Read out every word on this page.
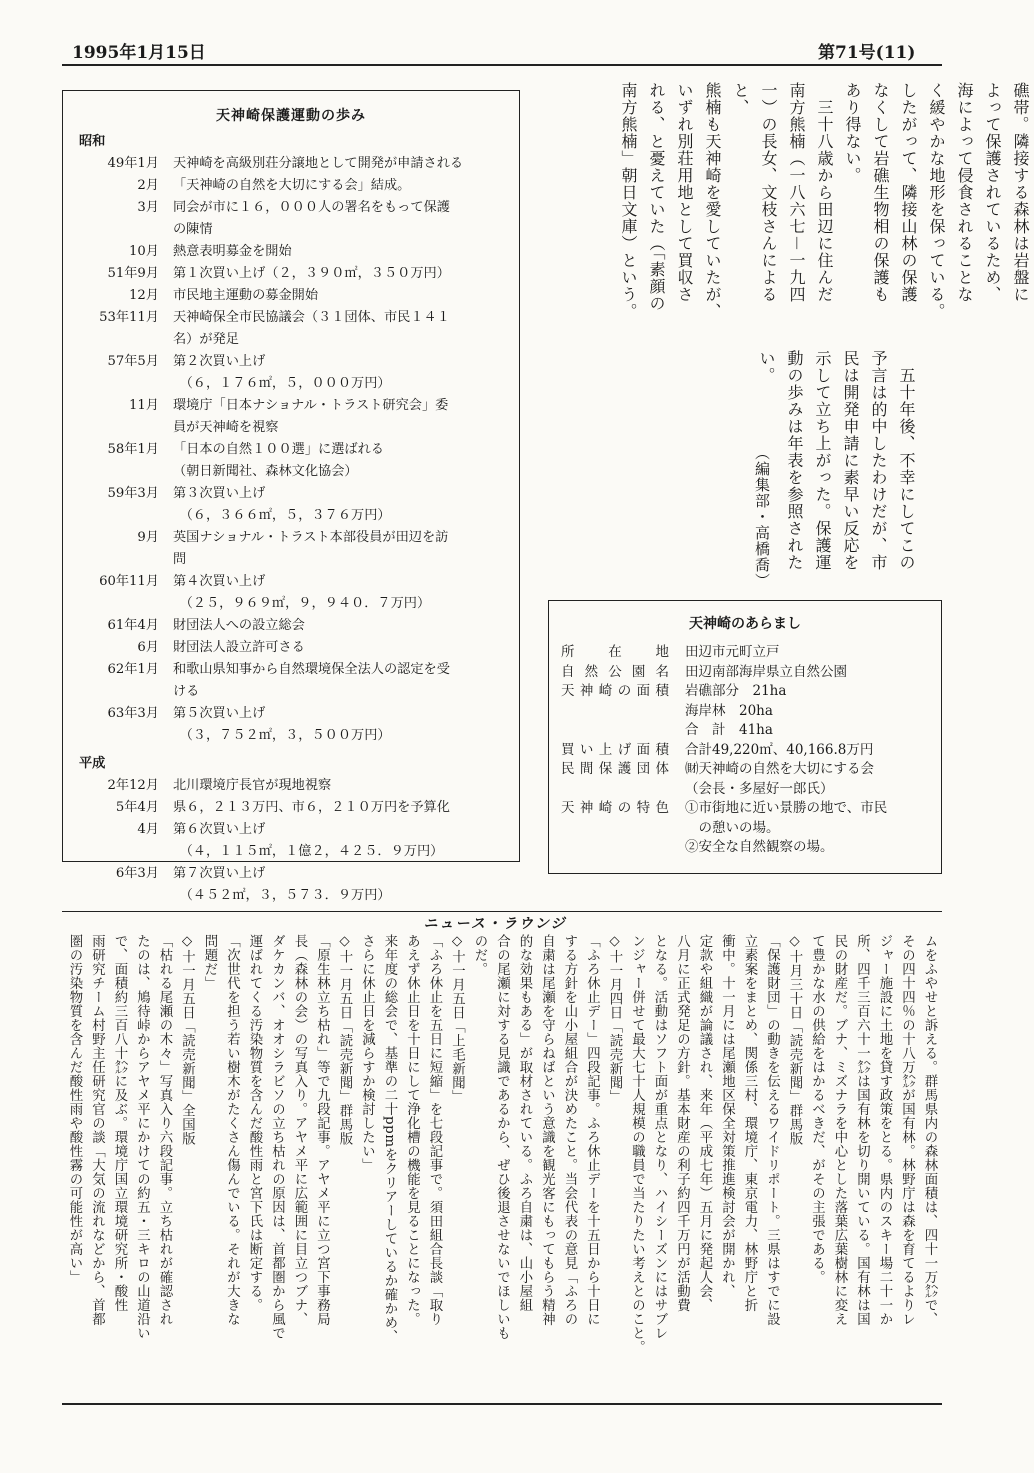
1995年1月15日	第71号(11)
天神崎保護運動の歩み
昭和
49年1月	天神崎を高級別荘分譲地として開発が申請される
2月	「天神崎の自然を大切にする会」結成。
3月	同会が市に１６，０００人の署名をもって保護
の陳情
10月	熱意表明募金を開始
51年9月	第１次買い上げ（２，３９０㎡，３５０万円）
12月	市民地主運動の募金開始
53年11月	天神崎保全市民協議会（３１団体、市民１４１
名）が発足
57年5月	第２次買い上げ
　（６，１７６㎡，５，０００万円）
11月	環境庁「日本ナショナル・トラスト研究会」委
員が天神崎を視察
58年1月	「日本の自然１００選」に選ばれる
（朝日新聞社、森林文化協会）
59年3月	第３次買い上げ
　（６，３６６㎡，５，３７６万円）
9月	英国ナショナル・トラスト本部役員が田辺を訪
問
60年11月	第４次買い上げ
　（２５，９６９㎡，９，９４０．７万円）
61年4月	財団法人への設立総会
6月	財団法人設立許可さる
62年1月	和歌山県知事から自然環境保全法人の認定を受
ける
63年3月	第５次買い上げ
　（３，７５２㎡，３，５００万円）
平成
2年12月	北川環境庁長官が現地視察
5年4月	県６，２１３万円、市６，２１０万円を予算化
4月	第６次買い上げ
　（４，１１５㎡，１億２，４２５．９万円）
6年3月	第７次買い上げ
　（４５２㎡，３，５７３．９万円）
礁帯。隣接する森林は岩盤に
よって保護されているため、
海によって侵食されることな
く緩やかな地形を保っている。
したがって、隣接山林の保護
なくして岩礁生物相の保護も
あり得ない。
　三十八歳から田辺に住んだ
南方熊楠（一八六七－一九四
一）の長女、文枝さんによると、
熊楠も天神崎を愛していたが、
いずれ別荘用地として買収さ
れる、と憂えていた（「素顔の
南方熊楠」朝日文庫）という。
　五十年後、不幸にしてこの
予言は的中したわけだが、市
民は開発申請に素早い反応を
示して立ち上がった。保護運
動の歩みは年表を参照された
い。
（編集部・高橋喬）
天神崎のあらまし
所在地	田辺市元町立戸
自然公園名	田辺南部海岸県立自然公園
天神崎の面積	岩礁部分　21ha
海岸林　20ha
合　計　41ha
買い上げ面積	合計49,220㎡、40,166.8万円
民間保護団体	㈶天神崎の自然を大切にする会
（会長・多屋好一郎氏）
天神崎の特色	①市街地に近い景勝の地で、市民
　の憩いの場。
②安全な自然観察の場。
ニュース・ラウンジ
ムをふやせと訴える。群馬県内の森林面積は、四十一万㌶で、
その四十四％の十八万㌶が国有林。林野庁は森を育てるよりレ
ジャー施設に土地を貸す政策をとる。県内のスキー場二十一か
所、四千三百六十一㌶は国有林を切り開いている。国有林は国
民の財産だ。ブナ、ミズナラを中心とした落葉広葉樹林に変え
て豊かな水の供給をはかるべきだ、がその主張である。
◇十月三十日「読売新聞」群馬版
「保護財団」の動きを伝えるワイドリポート。三県はすでに設
立素案をまとめ、関係三村、環境庁、東京電力、林野庁と折
衝中。十一月には尾瀬地区保全対策推進検討会が開かれ、
定款や組織が論議され、来年（平成七年）五月に発起人会、
八月に正式発足の方針。基本財産の利子約四千万円が活動費
となる。活動はソフト面が重点となり、ハイシーズンにはサブレ
ンジャー併せて最大七十人規模の職員で当たりたい考えとのこと。
◇十一月四日「読売新聞」
「ふろ休止デー」四段記事。ふろ休止デーを十五日から十日に
する方針を山小屋組合が決めたこと。当会代表の意見「ふろの
自粛は尾瀬を守らねばという意識を観光客にもってもらう精神
的な効果もある」が取材されている。ふろ自粛は、山小屋組
合の尾瀬に対する見識であるから、ぜひ後退させないでほしいも
のだ。
◇十一月五日「上毛新聞」
「ふろ休止を五日に短縮」を七段記事で。須田組合長談「取り
あえず休止日を十日にして浄化槽の機能を見ることになった。
来年度の総会で、基準の二十ppmをクリアーしているか確かめ、
さらに休止日を減らすか検討したい」
◇十一月五日「読売新聞」群馬版
「原生林立ち枯れ」等で九段記事。アヤメ平に立つ宮下事務局
長（森林の会）の写真入り。アヤメ平に広範囲に目立つブナ、
ダケカンバ、オオシラビソの立ち枯れの原因は、首都圏から風で
運ばれてくる汚染物質を含んだ酸性雨と宮下氏は断定する。
「次世代を担う若い樹木がたくさん傷んでいる。それが大きな
問題だ」
◇十一月五日「読売新聞」全国版
「枯れる尾瀬の木々」写真入り六段記事。立ち枯れが確認され
たのは、鳩待峠からアヤメ平にかけての約五・三キロの山道沿い
で、面積約三百八十㌶に及ぶ。環境庁国立環境研究所・酸性
雨研究チーム村野主任研究官の談「大気の流れなどから、首都
圏の汚染物質を含んだ酸性雨や酸性霧の可能性が高い」
